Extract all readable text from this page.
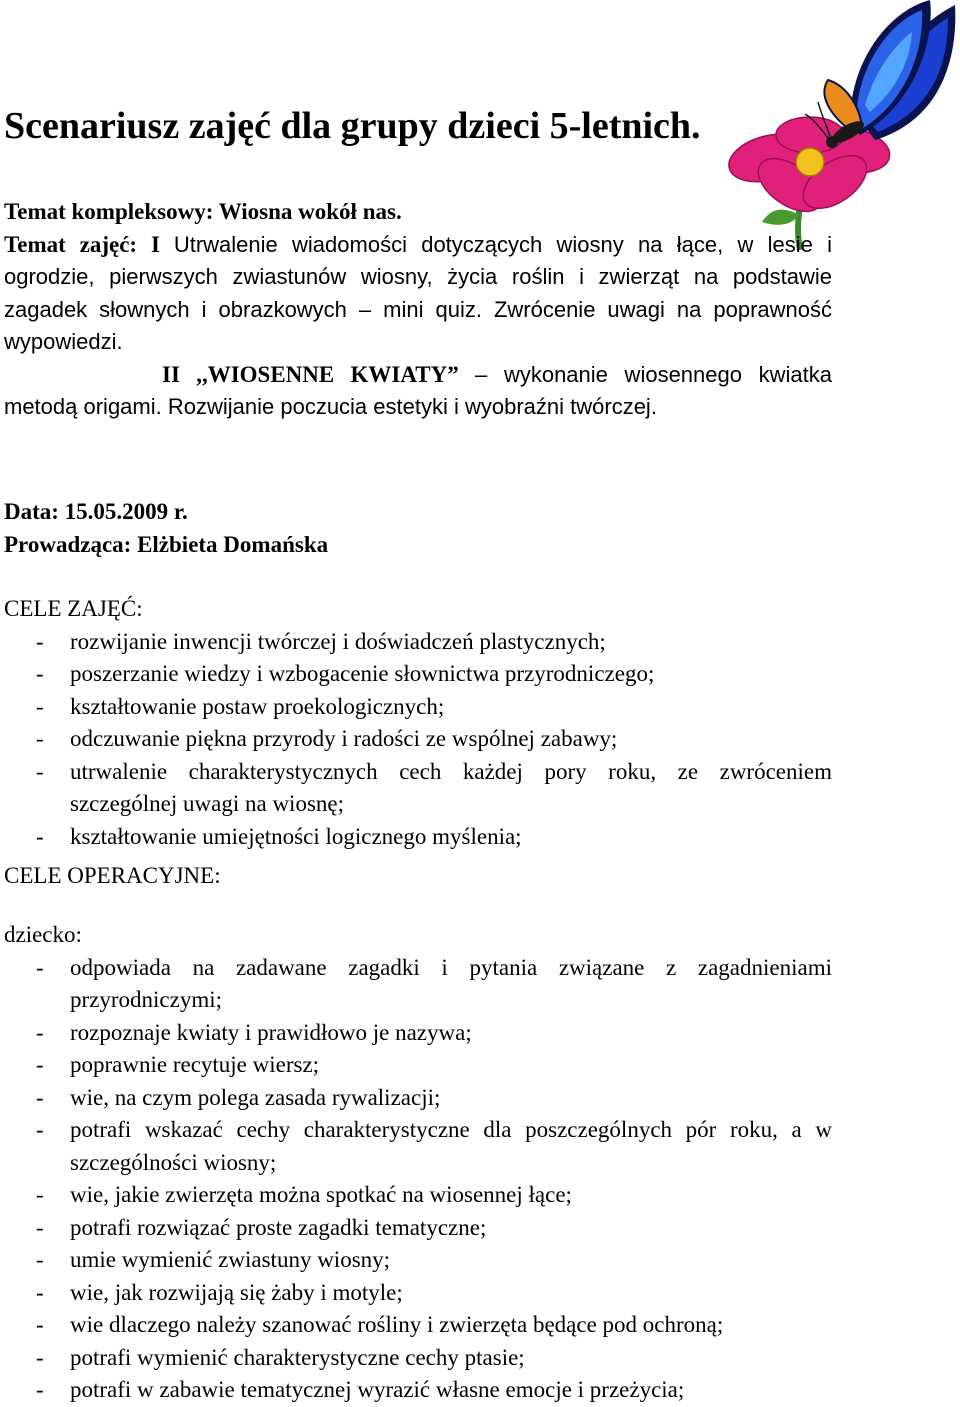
Scenariusz zajęć dla grupy dzieci 5-letnich.
Temat kompleksowy: Wiosna wokół nas.
Temat zajęć: I Utrwalenie wiadomości dotyczących wiosny na łące, w lesie i ogrodzie, pierwszych zwiastunów wiosny, życia roślin i zwierząt na podstawie zagadek słownych i obrazkowych – mini quiz. Zwrócenie uwagi na poprawność wypowiedzi.
II ,,WIOSENNE KWIATY” – wykonanie wiosennego kwiatka metodą origami. Rozwijanie poczucia estetyki i wyobraźni twórczej.
Data: 15.05.2009 r.
Prowadząca: Elżbieta Domańska
CELE ZAJĘĆ:
- rozwijanie inwencji twórczej i doświadczeń plastycznych;
- poszerzanie wiedzy i wzbogacenie słownictwa przyrodniczego;
- kształtowanie postaw proekologicznych;
- odczuwanie piękna przyrody i radości ze wspólnej zabawy;
- utrwalenie charakterystycznych cech każdej pory roku, ze zwróceniem szczególnej uwagi na wiosnę;
- kształtowanie umiejętności logicznego myślenia;
CELE OPERACYJNE:
dziecko:
- odpowiada na zadawane zagadki i pytania związane z zagadnieniami przyrodniczymi;
- rozpoznaje kwiaty i prawidłowo je nazywa;
- poprawnie recytuje wiersz;
- wie, na czym polega zasada rywalizacji;
- potrafi wskazać cechy charakterystyczne dla poszczególnych pór roku, a w szczególności wiosny;
- wie, jakie zwierzęta można spotkać na wiosennej łące;
- potrafi rozwiązać proste zagadki tematyczne;
- umie wymienić zwiastuny wiosny;
- wie, jak rozwijają się żaby i motyle;
- wie dlaczego należy szanować rośliny i zwierzęta będące pod ochroną;
- potrafi wymienić charakterystyczne cechy ptasie;
- potrafi w zabawie tematycznej wyrazić własne emocje i przeżycia;
